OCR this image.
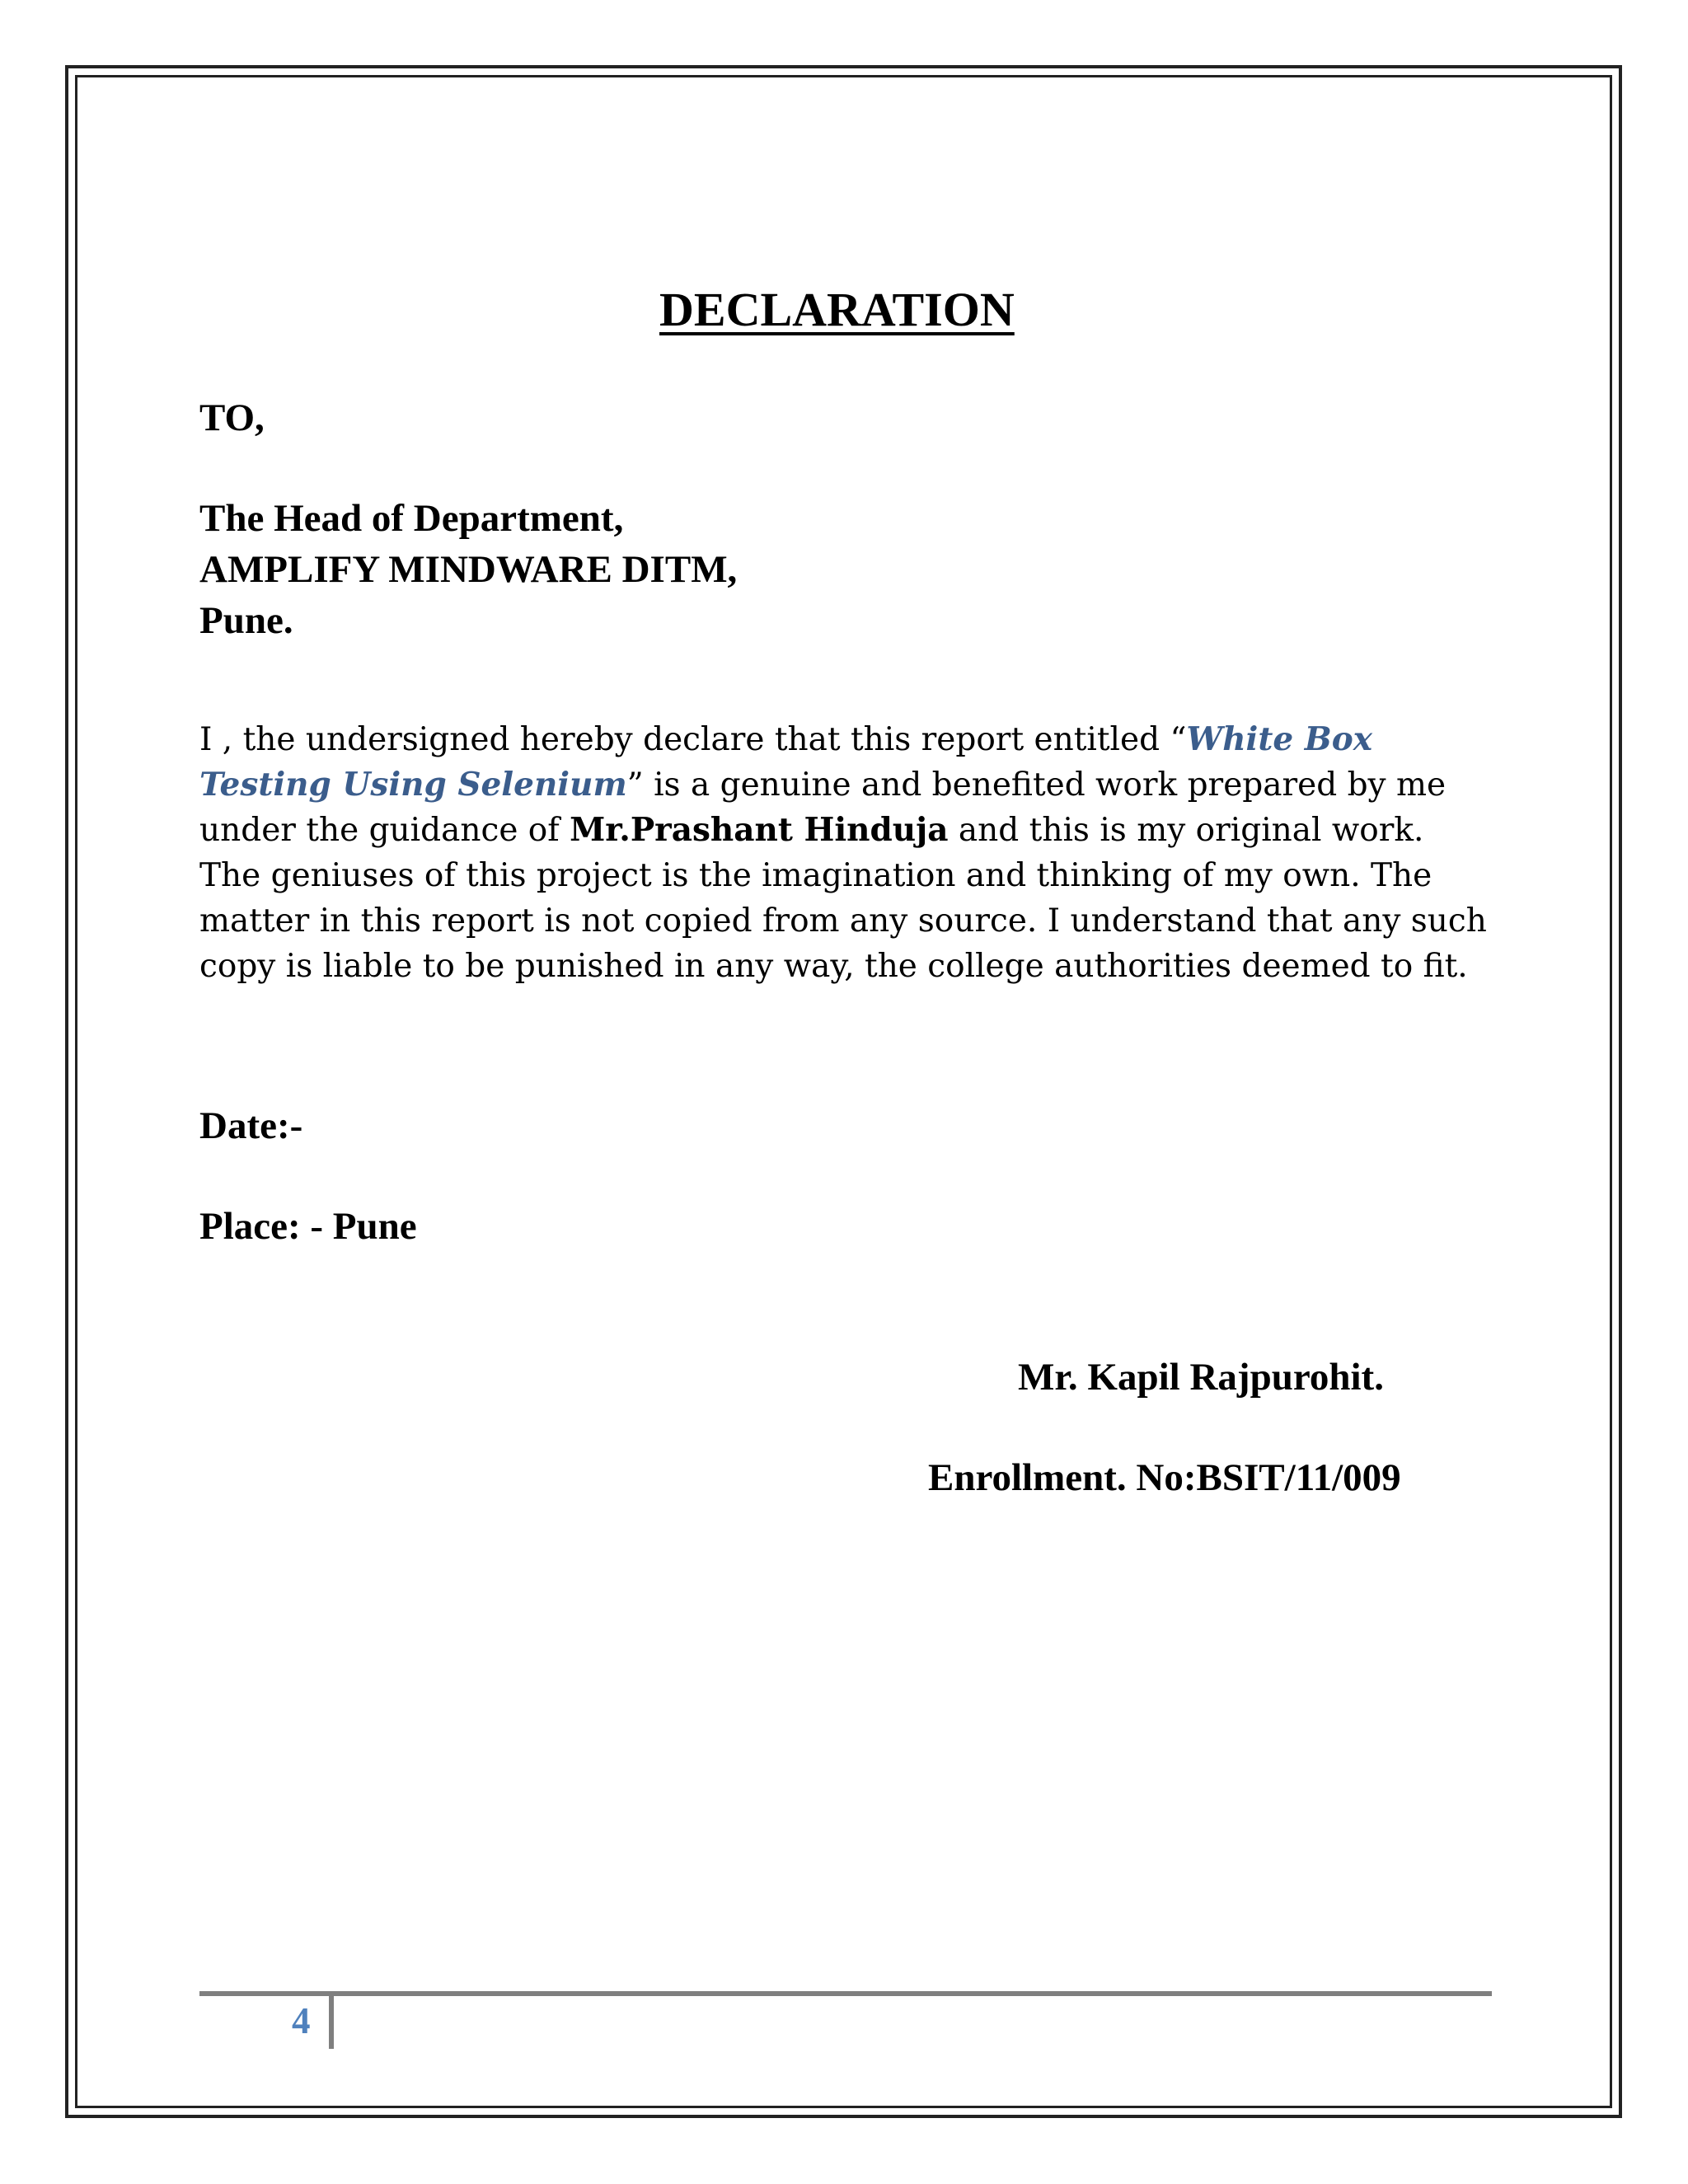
DECLARATION
TO,
The Head of Department,
AMPLIFY MINDWARE DITM,
Pune.
I , the undersigned hereby declare that this report entitled “White Box
Testing Using Selenium” is a genuine and benefited work prepared by me
under the guidance of Mr.Prashant Hinduja and this is my original work.
The geniuses of this project is the imagination and thinking of my own. The
matter in this report is not copied from any source. I understand that any such
copy is liable to be punished in any way, the college authorities deemed to fit.
Date:-
Place: - Pune
Mr. Kapil Rajpurohit.
Enrollment. No:BSIT/11/009
4
